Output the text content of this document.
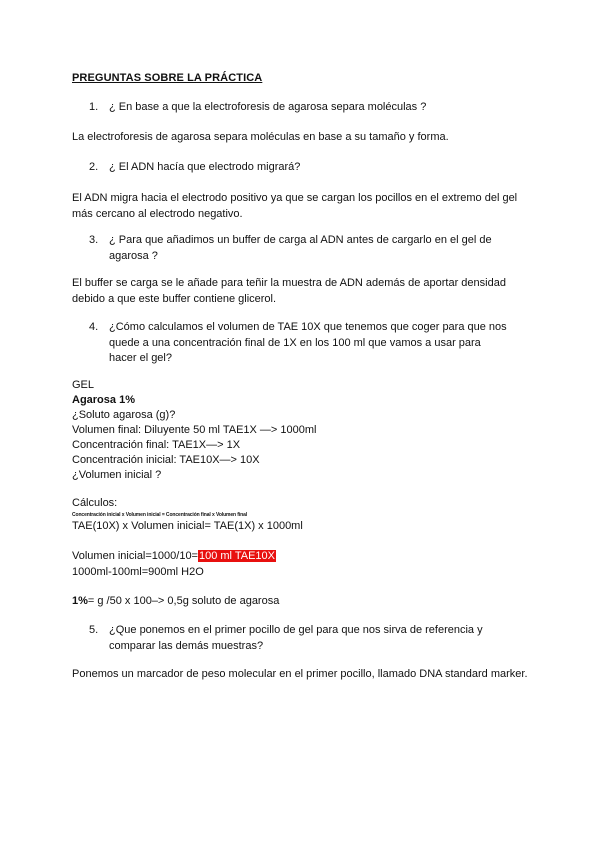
PREGUNTAS SOBRE LA PRÁCTICA
1. ¿ En base a que la electroforesis de agarosa separa moléculas ?
La electroforesis de agarosa separa moléculas en base a su tamaño y forma.
2. ¿ El ADN hacía que electrodo migrará?
El ADN migra hacia el electrodo positivo ya que se cargan los pocillos en el extremo del gel más cercano al electrodo negativo.
3. ¿ Para que añadimos un buffer de carga al ADN antes de cargarlo en el gel de agarosa ?
El buffer se carga se le añade para teñir la muestra de ADN además de aportar densidad debido a que este buffer contiene glicerol.
4. ¿Cómo calculamos el volumen de TAE 10X que tenemos que coger para que nos quede a una concentración final de 1X en los 100 ml que vamos a usar para hacer el gel?
GEL
Agarosa 1%
¿Soluto agarosa (g)?
Volumen final: Diluyente 50 ml TAE1X —> 1000ml
Concentración final: TAE1X—> 1X
Concentración inicial: TAE10X—> 10X
¿Volumen inicial ?
Cálculos:
Concentración inicial x Volumen inicial = Concentración final x Volumen final
TAE(10X) x Volumen inicial= TAE(1X) x 1000ml
Volumen inicial=1000/10=100 ml TAE10X
1000ml-100ml=900ml H2O
1%= g /50 x 100–> 0,5g soluto de agarosa
5. ¿Que ponemos en el primer pocillo de gel para que nos sirva de referencia y comparar las demás muestras?
Ponemos un marcador de peso molecular en el primer pocillo, llamado DNA standard marker.
